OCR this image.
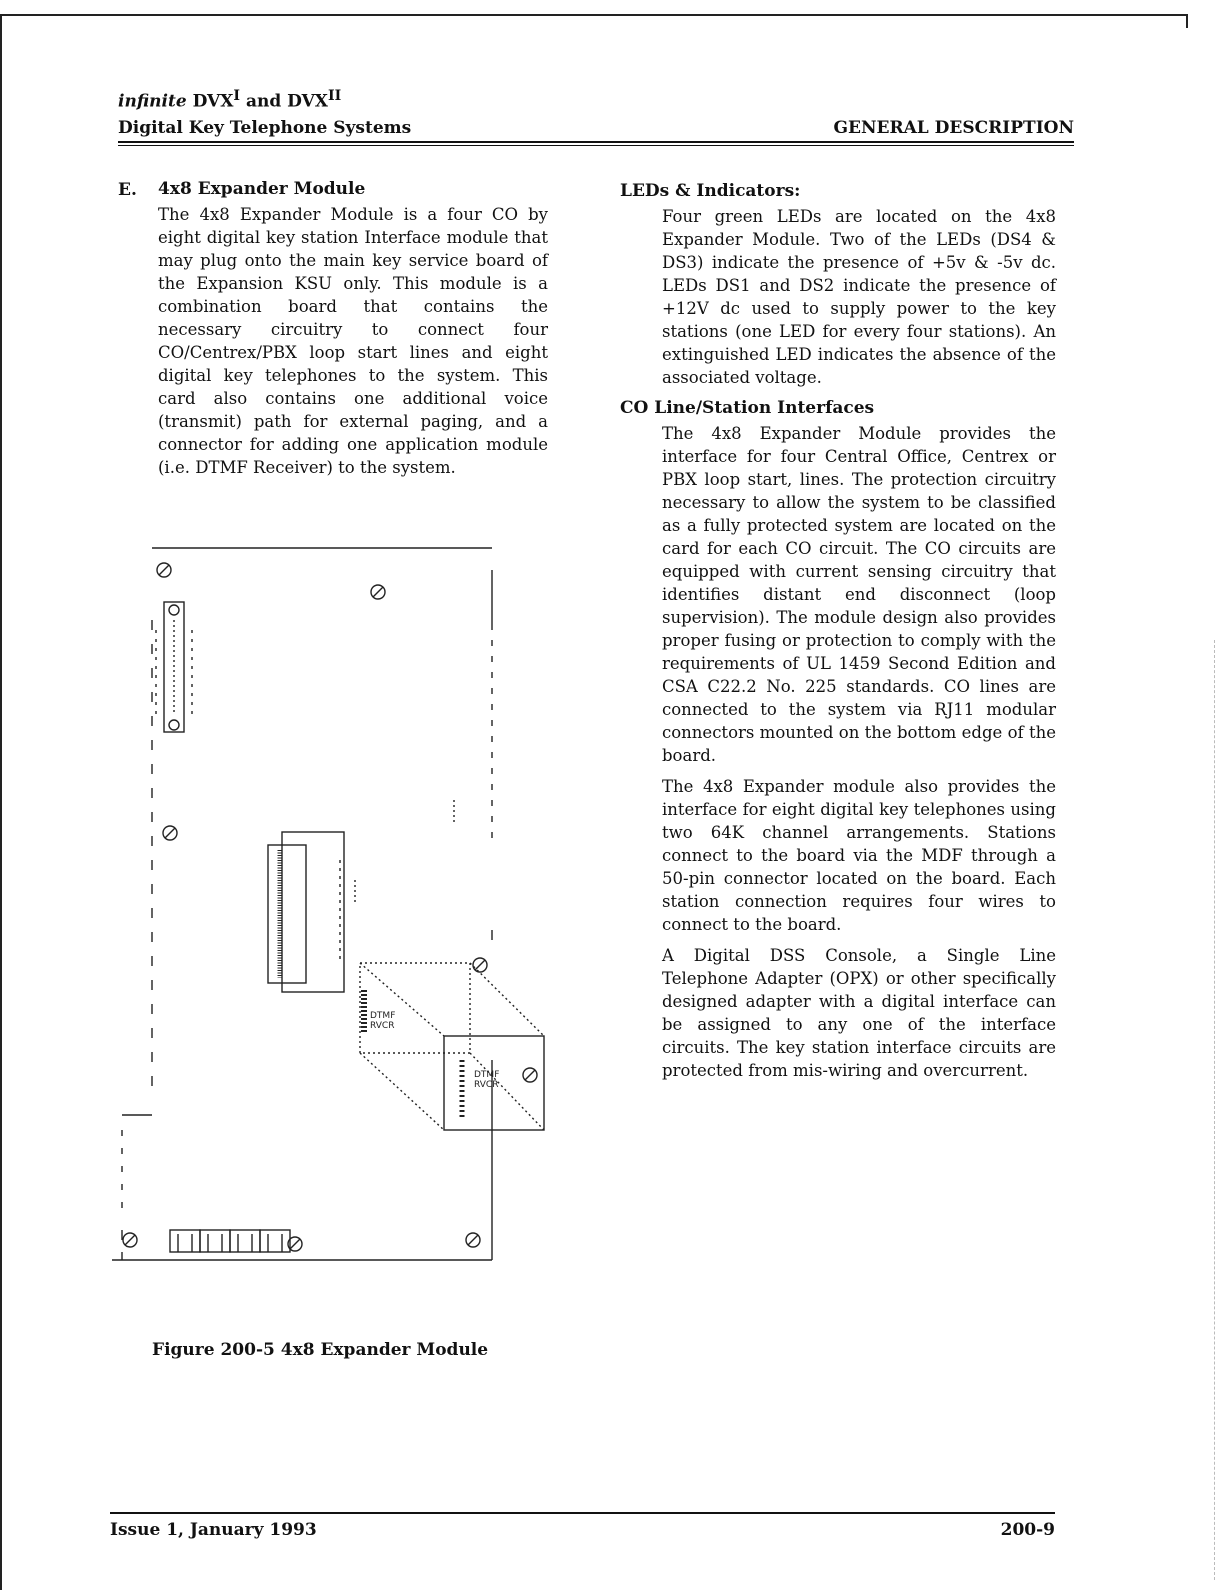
infinite $DVX^I$ and $DVX^{II}$
Digital Key Telephone Systems	GENERAL DESCRIPTION
E. 4x8 Expander Module

The 4x8 Expander Module is a four CO by eight digital key station Interface module that may plug onto the main key service board of the Expansion KSU only. This module is a combination board that contains the necessary circuitry to connect four CO/Centrex/PBX loop start lines and eight digital key telephones to the system. This card also contains one additional voice (transmit) path for external paging, and a connector for adding one application module (i.e. DTMF Receiver) to the system.

DTMF
RVCR
DTMF
RVCR
Figure 200-5 4x8 Expander Module
LEDs & Indicators:

Four green LEDs are located on the 4x8 Expander Module. Two of the LEDs (DS4 & DS3) indicate the presence of +5v & -5v dc. LEDs DS1 and DS2 indicate the presence of +12V dc used to supply power to the key stations (one LED for every four stations). An extinguished LED indicates the absence of the associated voltage.

CO Line/Station Interfaces

The 4x8 Expander Module provides the interface for four Central Office, Centrex or PBX loop start, lines. The protection circuitry necessary to allow the system to be classified as a fully protected system are located on the card for each CO circuit. The CO circuits are equipped with current sensing circuitry that identifies distant end disconnect (loop supervision). The module design also provides proper fusing or protection to comply with the requirements of UL 1459 Second Edition and CSA C22.2 No. 225 standards. CO lines are connected to the system via RJ11 modular connectors mounted on the bottom edge of the board.

The 4x8 Expander module also provides the interface for eight digital key telephones using two 64K channel arrangements. Stations connect to the board via the MDF through a 50-pin connector located on the board. Each station connection requires four wires to connect to the board.

A Digital DSS Console, a Single Line Telephone Adapter (OPX) or other specifically designed adapter with a digital interface can be assigned to any one of the interface circuits. The key station interface circuits are protected from mis-wiring and overcurrent.

Issue 1, January 1993	200-9
